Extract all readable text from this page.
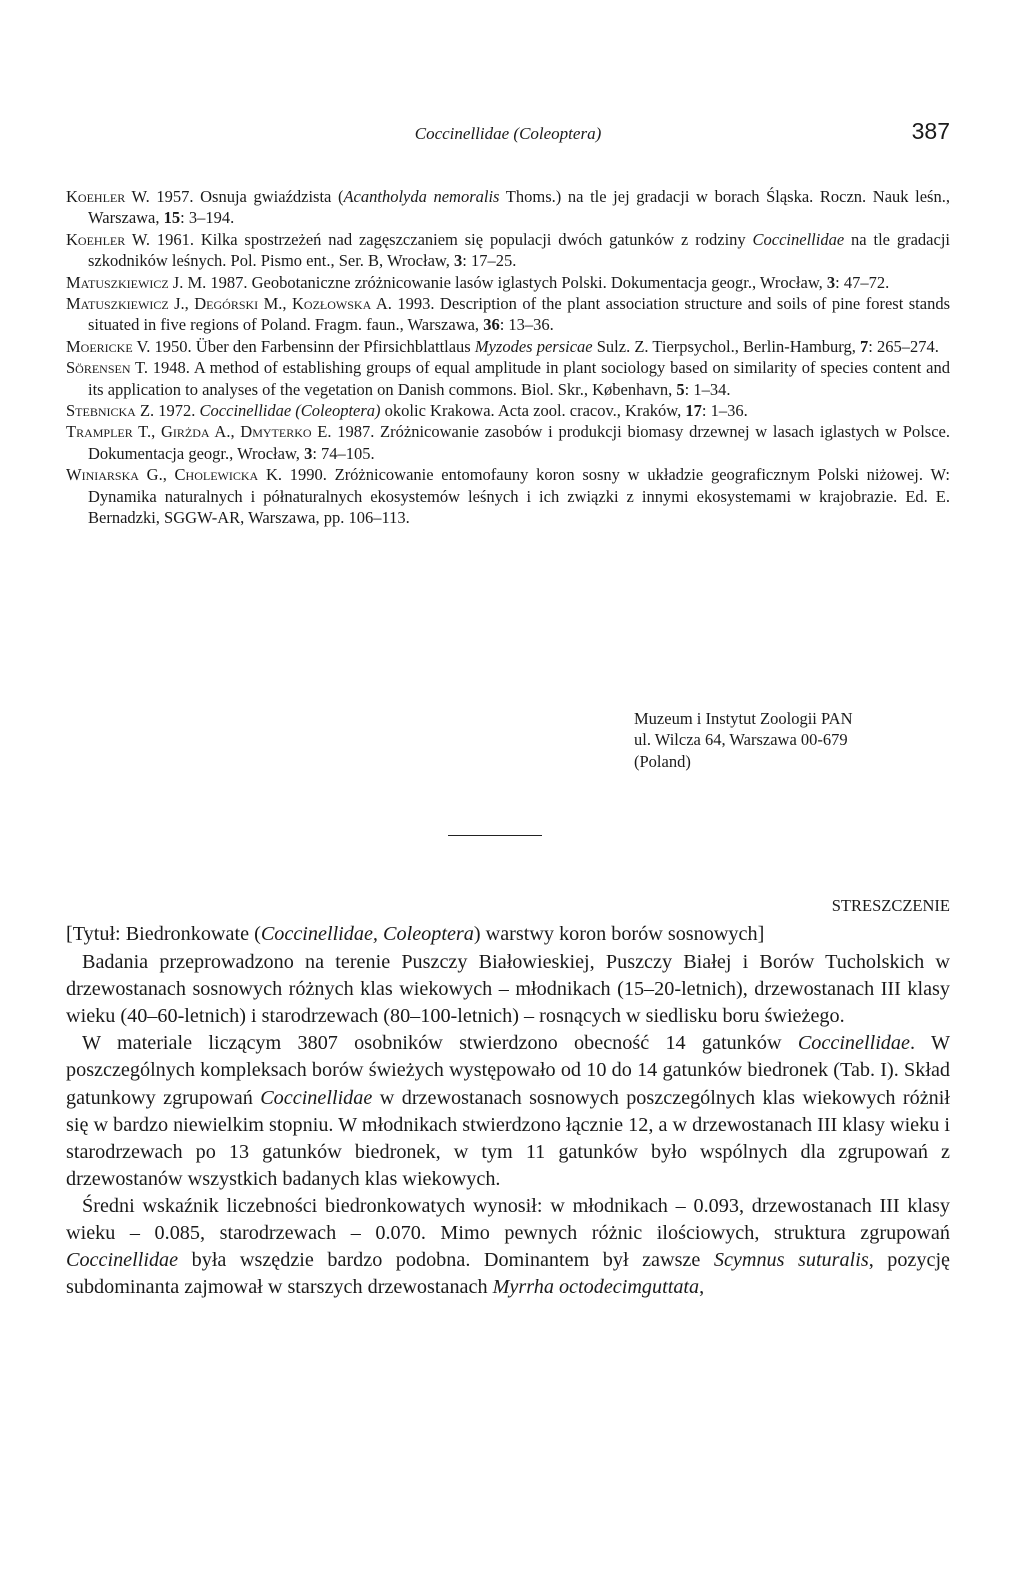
Coccinellidae (Coleoptera)	387
Koehler W. 1957. Osnuja gwiaździsta (Acantholyda nemoralis Thoms.) na tle jej gradacji w borach Śląska. Roczn. Nauk leśn., Warszawa, 15: 3–194.
Koehler W. 1961. Kilka spostrzeżeń nad zagęszczaniem się populacji dwóch gatunków z rodziny Coccinellidae na tle gradacji szkodników leśnych. Pol. Pismo ent., Ser. B, Wrocław, 3: 17–25.
Matuszkiewicz J. M. 1987. Geobotaniczne zróżnicowanie lasów iglastych Polski. Dokumentacja geogr., Wrocław, 3: 47–72.
Matuszkiewicz J., Degórski M., Kozłowska A. 1993. Description of the plant association structure and soils of pine forest stands situated in five regions of Poland. Fragm. faun., Warszawa, 36: 13–36.
Moericke V. 1950. Über den Farbensinn der Pfirsichblattlaus Myzodes persicae Sulz. Z. Tierpsychol., Berlin-Hamburg, 7: 265–274.
Sörensen T. 1948. A method of establishing groups of equal amplitude in plant sociology based on similarity of species content and its application to analyses of the vegetation on Danish commons. Biol. Skr., København, 5: 1–34.
Stebnicka Z. 1972. Coccinellidae (Coleoptera) okolic Krakowa. Acta zool. cracov., Kraków, 17: 1–36.
Trampler T., Girżda A., Dmyterko E. 1987. Zróżnicowanie zasobów i produkcji biomasy drzewnej w lasach iglastych w Polsce. Dokumentacja geogr., Wrocław, 3: 74–105.
Winiarska G., Cholewicka K. 1990. Zróżnicowanie entomofauny koron sosny w układzie geograficznym Polski niżowej. W: Dynamika naturalnych i półnaturalnych ekosystemów leśnych i ich związki z innymi ekosystemami w krajobrazie. Ed. E. Bernadzki, SGGW-AR, Warszawa, pp. 106–113.
Muzeum i Instytut Zoologii PAN
ul. Wilcza 64, Warszawa 00-679
(Poland)
STRESZCZENIE

[Tytuł: Biedronkowate (Coccinellidae, Coleoptera) warstwy koron borów sosnowych]

Badania przeprowadzono na terenie Puszczy Białowieskiej, Puszczy Białej i Borów Tucholskich w drzewostanach sosnowych różnych klas wiekowych – młodnikach (15–20-letnich), drzewostanach III klasy wieku (40–60-letnich) i starodrzewach (80–100-letnich) – rosnących w siedlisku boru świeżego.

W materiale liczącym 3807 osobników stwierdzono obecność 14 gatunków Coccinellidae. W poszczególnych kompleksach borów świeżych występowało od 10 do 14 gatunków biedronek (Tab. I). Skład gatunkowy zgrupowań Coccinellidae w drzewostanach sosnowych poszczególnych klas wiekowych różnił się w bardzo niewielkim stopniu. W młodnikach stwierdzono łącznie 12, a w drzewostanach III klasy wieku i starodrzewach po 13 gatunków biedronek, w tym 11 gatunków było wspólnych dla zgrupowań z drzewostanów wszystkich badanych klas wiekowych.

Średni wskaźnik liczebności biedronkowatych wynosił: w młodnikach – 0.093, drzewostanach III klasy wieku – 0.085, starodrzewach – 0.070. Mimo pewnych różnic ilościowych, struktura zgrupowań Coccinellidae była wszędzie bardzo podobna. Dominantem był zawsze Scymnus suturalis, pozycję subdominanta zajmował w starszych drzewostanach Myrrha octodecimguttata,
